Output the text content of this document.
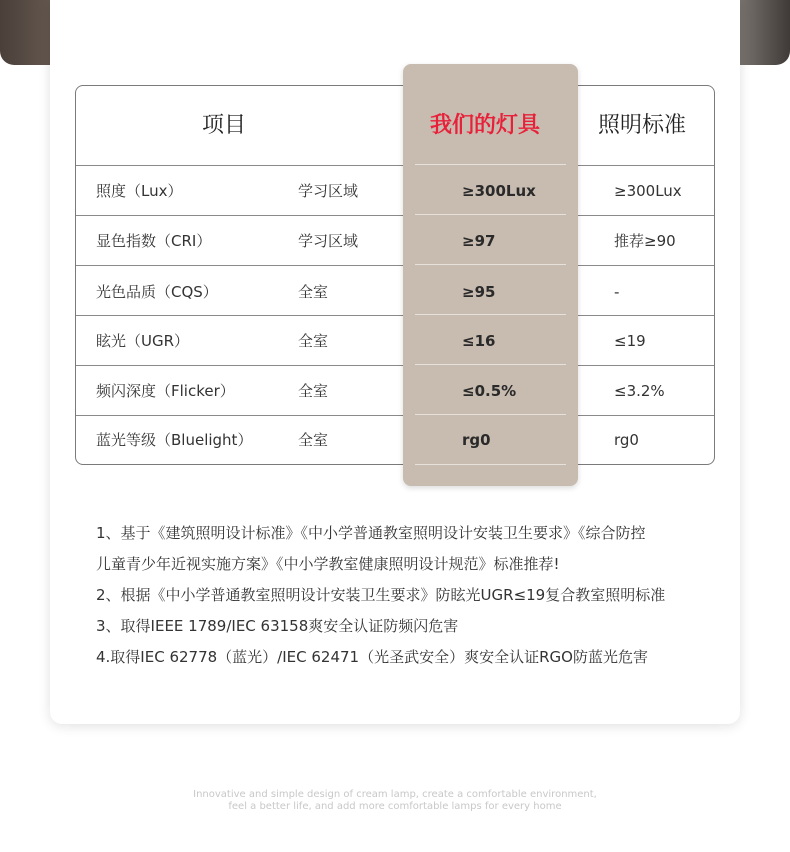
项目	我们的灯具	照明标准
照度（Lux）	学习区域	≥300Lux	≥300Lux
显色指数（CRI）	学习区域	≥97	推荐≥90
光色品质（CQS）	全室	≥95	-
眩光（UGR）	全室	≤16	≤19
频闪深度（Flicker）	全室	≤0.5%	≤3.2%
蓝光等级（Bluelight）	全室	rg0	rg0
1、基于《建筑照明设计标准》《中小学普通教室照明设计安装卫生要求》《综合防控
儿童青少年近视实施方案》《中小学教室健康照明设计规范》标准推荐!
2、根据《中小学普通教室照明设计安装卫生要求》防眩光UGR≤19复合教室照明标准
3、取得IEEE 1789/IEC 63158爽安全认证防频闪危害
4.取得IEC 62778（蓝光）/IEC 62471（光圣武安全）爽安全认证RGO防蓝光危害
Innovative and simple design of cream lamp, create a comfortable environment,
feel a better life, and add more comfortable lamps for every home
